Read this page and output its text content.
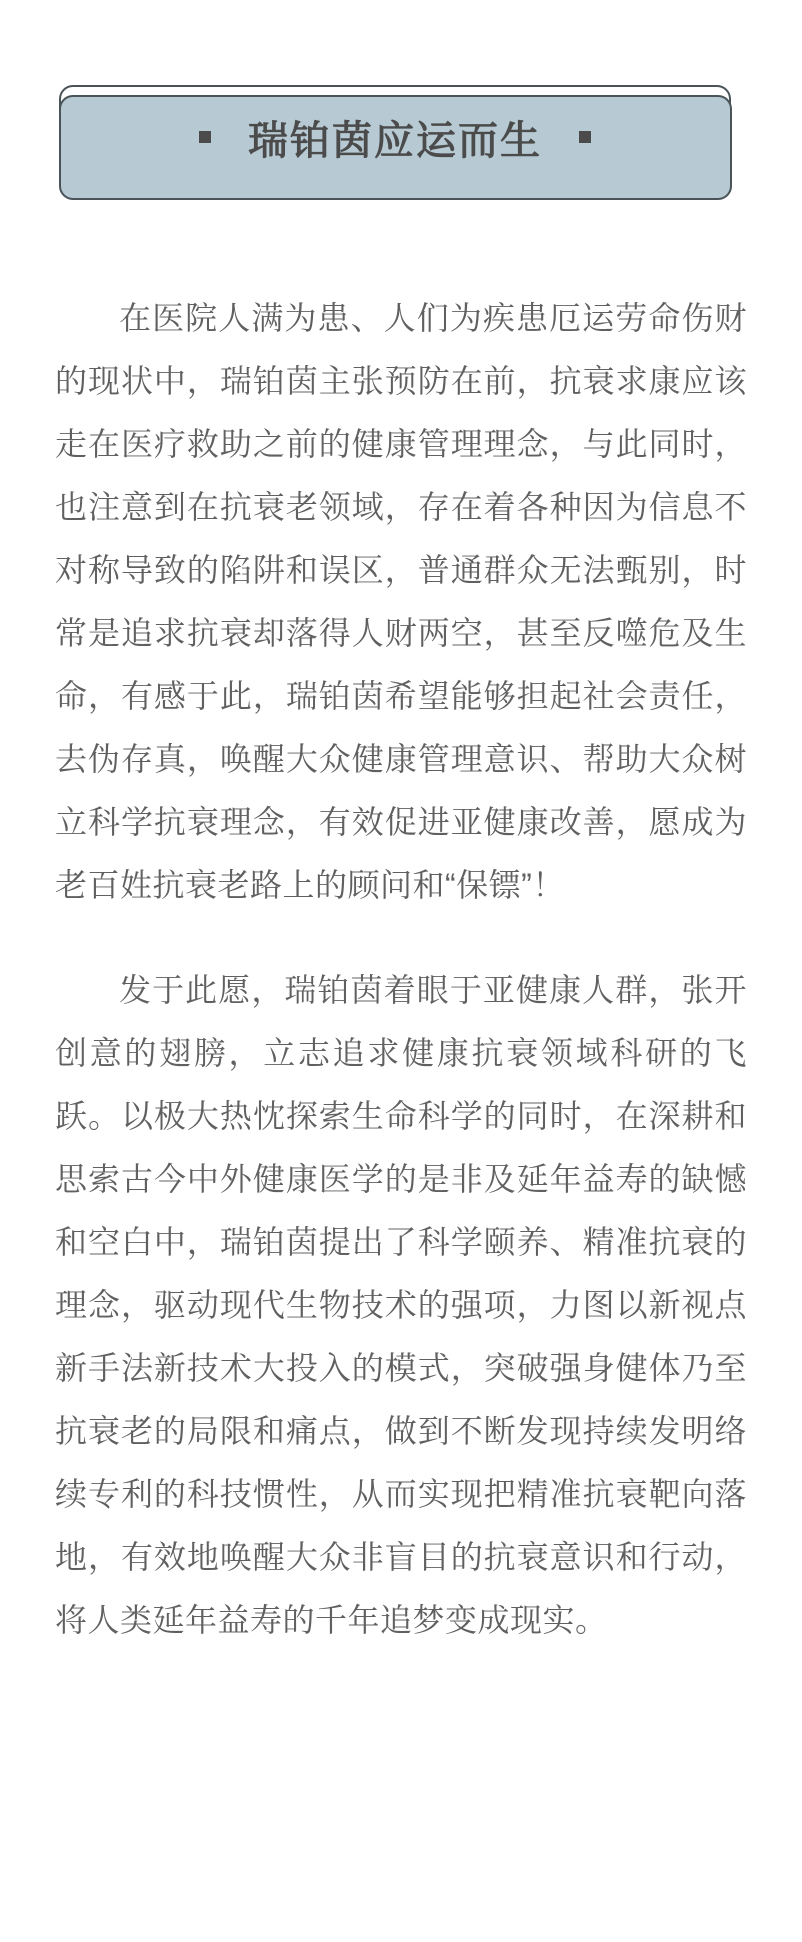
瑞铂茵应运而生

在医院人满为患、人们为疾患厄运劳命伤财的现状中，瑞铂茵主张预防在前，抗衰求康应该走在医疗救助之前的健康管理理念，与此同时，也注意到在抗衰老领域，存在着各种因为信息不对称导致的陷阱和误区，普通群众无法甄别，时常是追求抗衰却落得人财两空，甚至反噬危及生命，有感于此，瑞铂茵希望能够担起社会责任，去伪存真，唤醒大众健康管理意识、帮助大众树立科学抗衰理念，有效促进亚健康改善，愿成为老百姓抗衰老路上的顾问和“保镖”！

发于此愿，瑞铂茵着眼于亚健康人群，张开创意的翅膀，立志追求健康抗衰领域科研的飞跃。以极大热忱探索生命科学的同时，在深耕和思索古今中外健康医学的是非及延年益寿的缺憾和空白中，瑞铂茵提出了科学颐养、精准抗衰的理念，驱动现代生物技术的强项，力图以新视点新手法新技术大投入的模式，突破强身健体乃至抗衰老的局限和痛点，做到不断发现持续发明络续专利的科技惯性，从而实现把精准抗衰靶向落地，有效地唤醒大众非盲目的抗衰意识和行动，将人类延年益寿的千年追梦变成现实。
